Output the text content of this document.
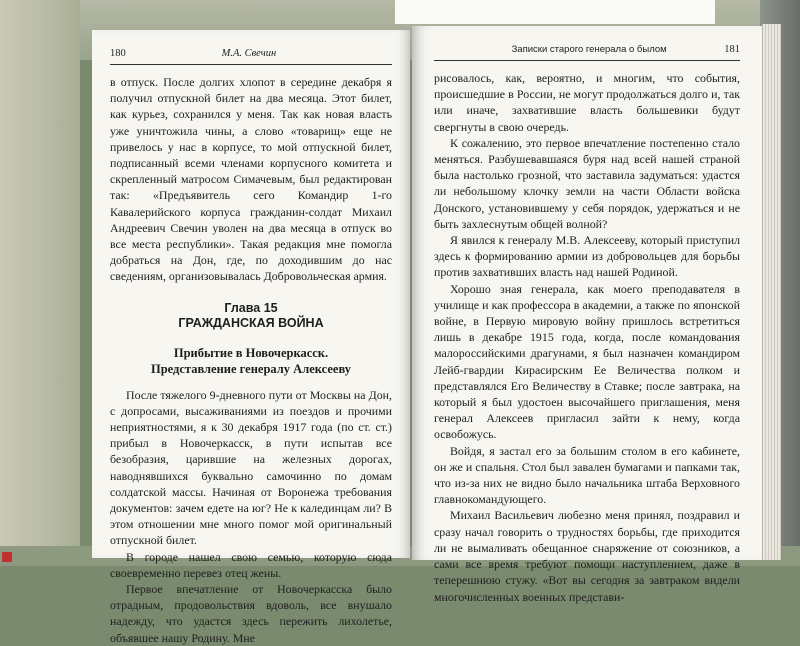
180	М.А. Свечин

в отпуск. После долгих хлопот в середине декабря я получил отпускной билет на два месяца. Этот билет, как курьез, сохранился у меня. Так как новая власть уже уничтожила чины, а слово «товарищ» еще не привелось у нас в корпусе, то мой отпускной билет, подписанный всеми членами корпусного комитета и скрепленный матросом Симачевым, был редактирован так: «Предъявитель сего Командир 1-го Кавалерийского корпуса гражданин-солдат Михаил Андреевич Свечин уволен на два месяца в отпуск во все места республики». Такая редакция мне помогла добраться на Дон, где, по доходившим до нас сведениям, организовывалась Добровольческая армия.

Глава 15
ГРАЖДАНСКАЯ ВОЙНА
Прибытие в Новочеркасск.
Представление генералу Алексееву

После тяжелого 9-дневного пути от Москвы на Дон, с допросами, высаживаниями из поездов и прочими неприятностями, я к 30 декабря 1917 года (по ст. ст.) прибыл в Новочеркасск, в пути испытав все безобразия, царившие на железных дорогах, наводнявшихся буквально самочинно по домам солдатской массы. Начиная от Воронежа требования документов: зачем едете на юг? Не к калединцам ли? В этом отношении мне много помог мой оригинальный отпускной билет.

В городе нашел свою семью, которую сюда своевременно перевез отец жены.

Первое впечатление от Новочеркасска было отрадным, продовольствия вдоволь, все внушало надежду, что удастся здесь пережить лихолетье, объявшее нашу Родину. Мне

Записки старого генерала о былом	181

рисовалось, как, вероятно, и многим, что события, происшедшие в России, не могут продолжаться долго и, так или иначе, захватившие власть большевики будут свергнуты в свою очередь.

К сожалению, это первое впечатление постепенно стало меняться. Разбушевавшаяся буря над всей нашей страной была настолько грозной, что заставила задуматься: удастся ли небольшому клочку земли на части Области войска Донского, установившему у себя порядок, удержаться и не быть захлеснутым общей волной?

Я явился к генералу М.В. Алексееву, который приступил здесь к формированию армии из добровольцев для борьбы против захвативших власть над нашей Родиной.

Хорошо зная генерала, как моего преподавателя в училище и как профессора в академии, а также по японской войне, в Первую мировую войну пришлось встретиться лишь в декабре 1915 года, когда, после командования малороссийскими драгунами, я был назначен командиром Лейб-гвардии Кирасирским Ее Величества полком и представлялся Его Величеству в Ставке; после завтрака, на который я был удостоен высочайшего приглашения, меня генерал Алексеев пригласил зайти к нему, когда освобожусь.

Войдя, я застал его за большим столом в его кабинете, он же и спальня. Стол был завален бумагами и папками так, что из-за них не видно было начальника штаба Верховного главнокомандующего.

Михаил Васильевич любезно меня принял, поздравил и сразу начал говорить о трудностях борьбы, где приходится ли не вымаливать обещанное снаряжение от союзников, а сами все время требуют помощи наступлением, даже в теперешнюю стужу. «Вот вы сегодня за завтраком видели многочисленных военных представи-
